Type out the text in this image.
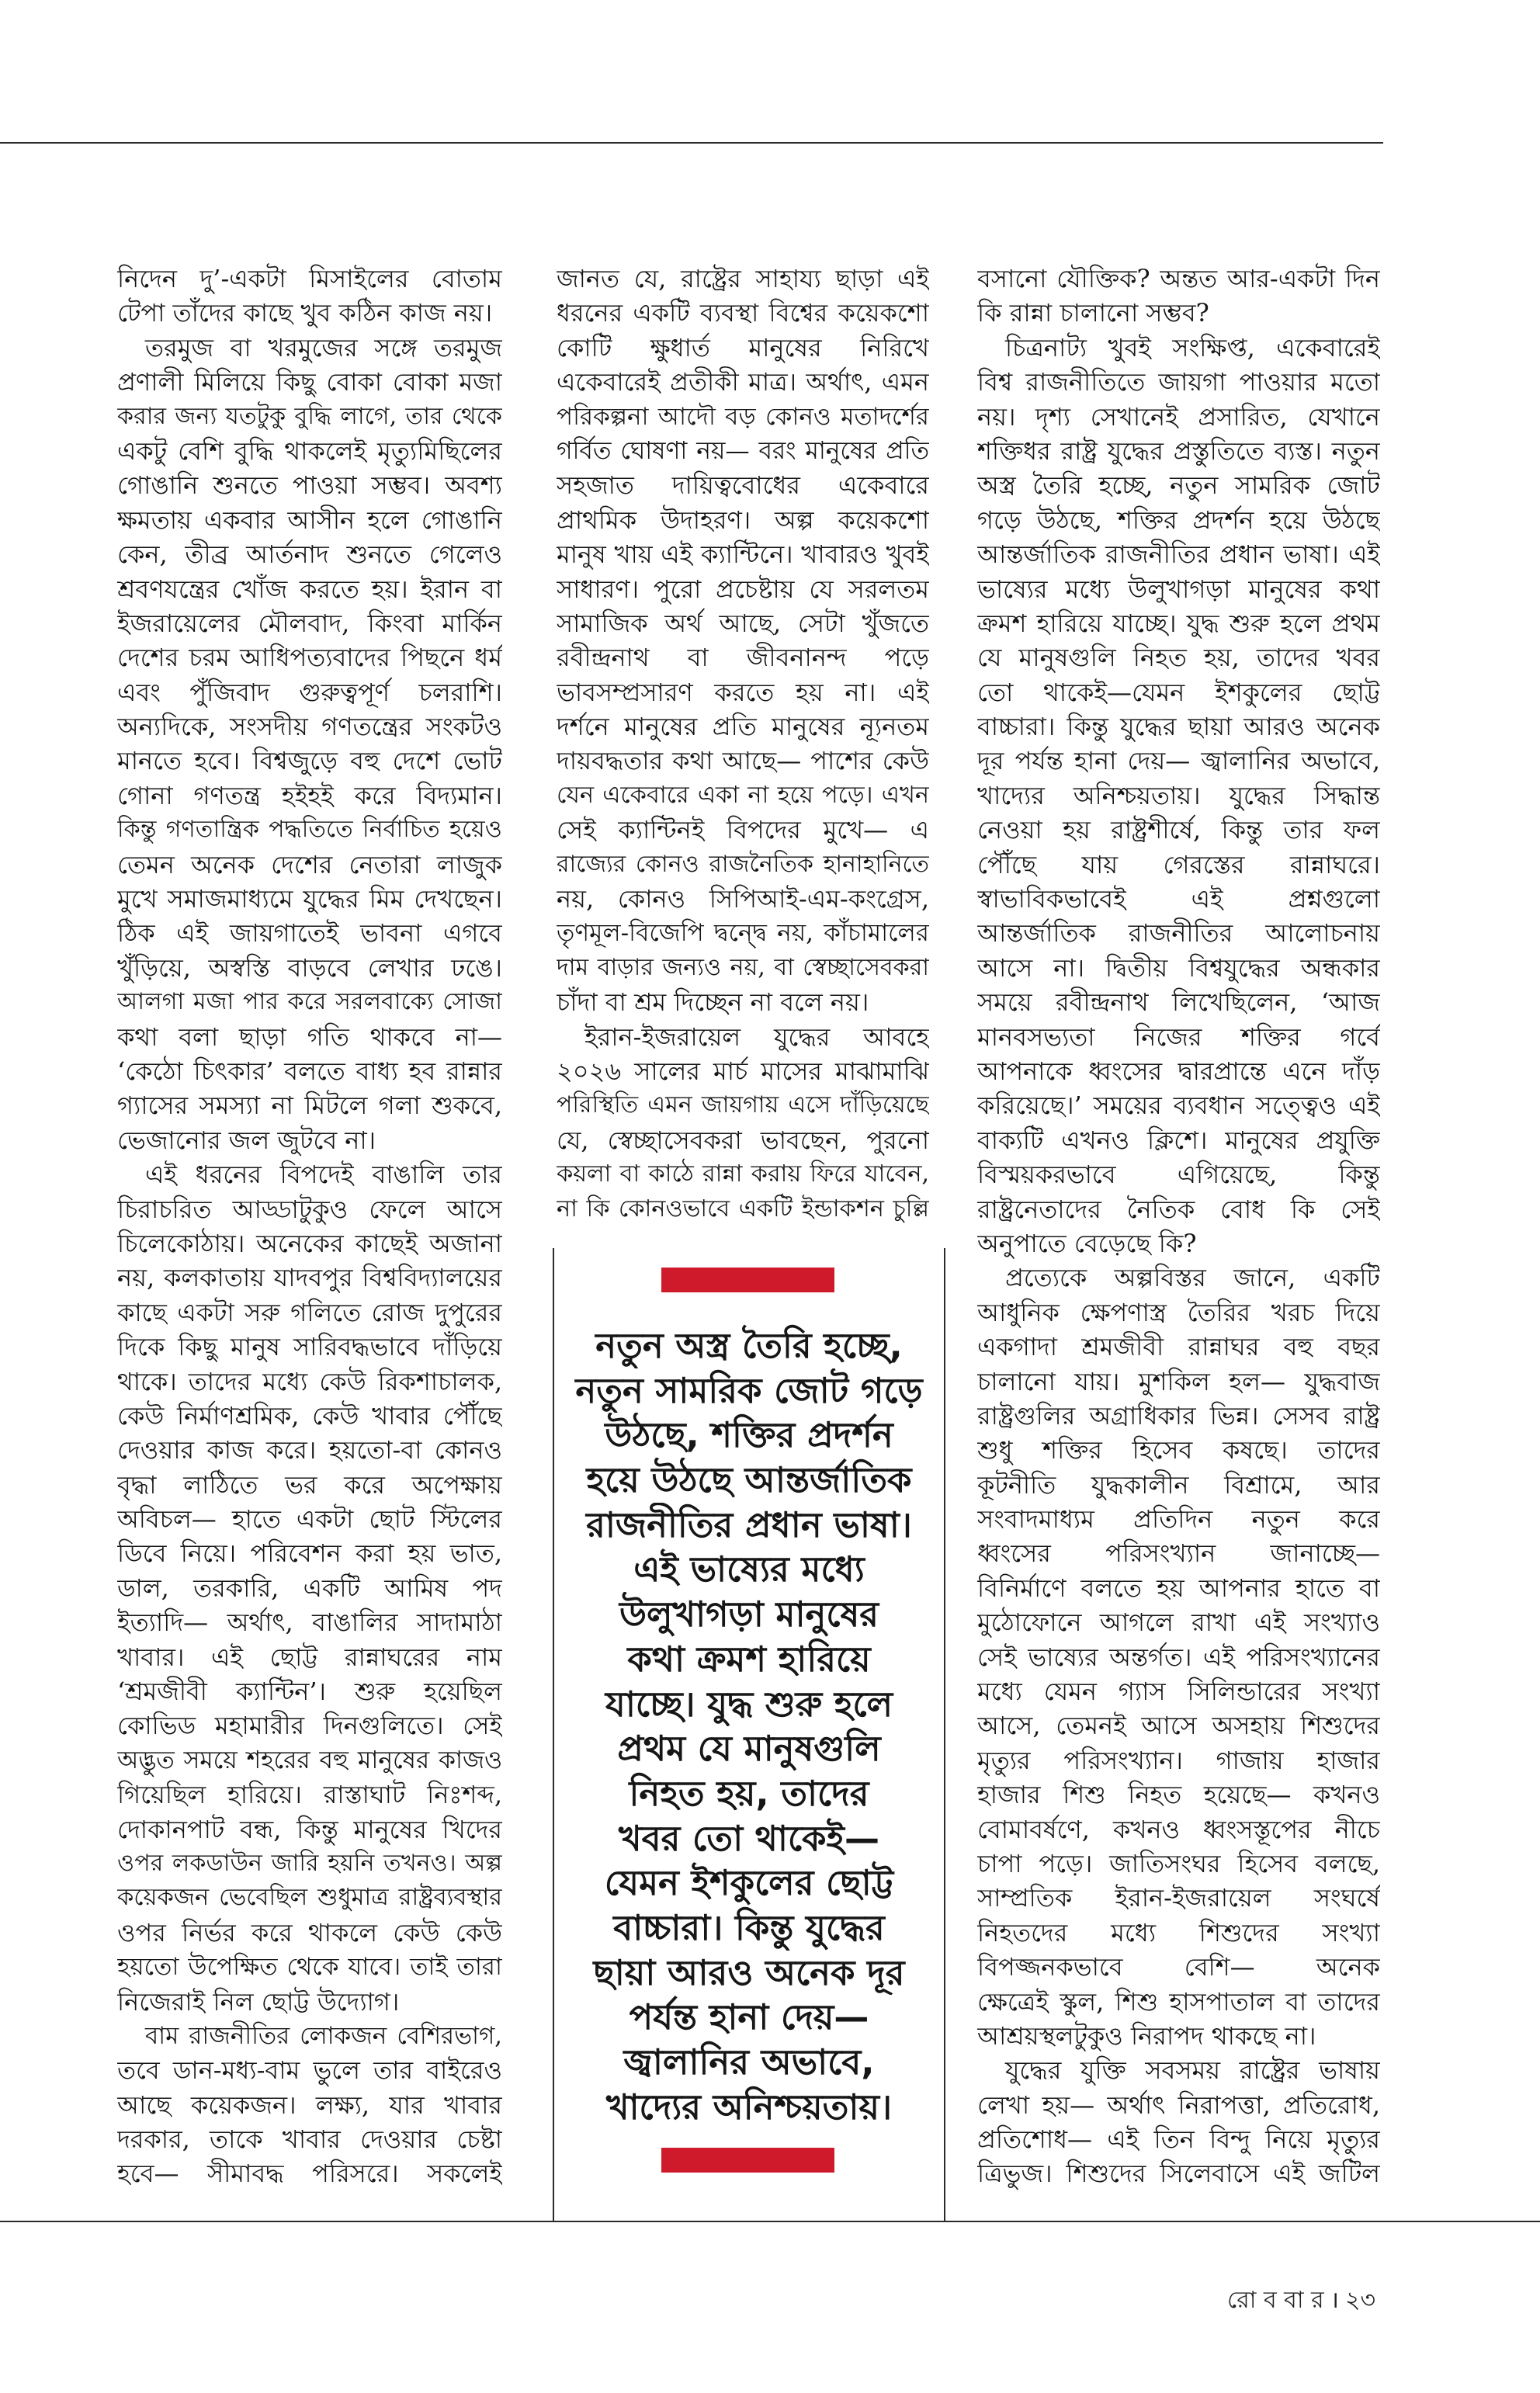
নিদেন দু’-একটা মিসাইলের বোতাম
টেপা তাঁদের কাছে খুব কঠিন কাজ নয়।
তরমুজ বা খরমুজের সঙ্গে তরমুজ
প্রণালী মিলিয়ে কিছু বোকা বোকা মজা
করার জন্য যতটুকু বুদ্ধি লাগে, তার থেকে
একটু বেশি বুদ্ধি থাকলেই মৃত্যুমিছিলের
গোঙানি শুনতে পাওয়া সম্ভব। অবশ্য
ক্ষমতায় একবার আসীন হলে গোঙানি
কেন, তীব্র আর্তনাদ শুনতে গেলেও
শ্রবণযন্ত্রের খোঁজ করতে হয়। ইরান বা
ইজরায়েলের মৌলবাদ, কিংবা মার্কিন
দেশের চরম আধিপত্যবাদের পিছনে ধর্ম
এবং পুঁজিবাদ গুরুত্বপূর্ণ চলরাশি।
অন্যদিকে, সংসদীয় গণতন্ত্রের সংকটও
মানতে হবে। বিশ্বজুড়ে বহু দেশে ভোট
গোনা গণতন্ত্র হইহই করে বিদ্যমান।
কিন্তু গণতান্ত্রিক পদ্ধতিতে নির্বাচিত হয়েও
তেমন অনেক দেশের নেতারা লাজুক
মুখে সমাজমাধ্যমে যুদ্ধের মিম দেখছেন।
ঠিক এই জায়গাতেই ভাবনা এগবে
খুঁড়িয়ে, অস্বস্তি বাড়বে লেখার ঢঙে।
আলগা মজা পার করে সরলবাক্যে সোজা
কথা বলা ছাড়া গতি থাকবে না—
‘কেঠো চিৎকার’ বলতে বাধ্য হব রান্নার
গ্যাসের সমস্যা না মিটলে গলা শুকবে,
ভেজানোর জল জুটবে না।
এই ধরনের বিপদেই বাঙালি তার
চিরাচরিত আড্ডাটুকুও ফেলে আসে
চিলেকোঠায়। অনেকের কাছেই অজানা
নয়, কলকাতায় যাদবপুর বিশ্ববিদ্যালয়ের
কাছে একটা সরু গলিতে রোজ দুপুরের
দিকে কিছু মানুষ সারিবদ্ধভাবে দাঁড়িয়ে
থাকে। তাদের মধ্যে কেউ রিকশাচালক,
কেউ নির্মাণশ্রমিক, কেউ খাবার পৌঁছে
দেওয়ার কাজ করে। হয়তো-বা কোনও
বৃদ্ধা লাঠিতে ভর করে অপেক্ষায়
অবিচল— হাতে একটা ছোট স্টিলের
ডিবে নিয়ে। পরিবেশন করা হয় ভাত,
ডাল, তরকারি, একটি আমিষ পদ
ইত্যাদি— অর্থাৎ, বাঙালির সাদামাঠা
খাবার। এই ছোট্ট রান্নাঘরের নাম
‘শ্রমজীবী ক্যান্টিন’। শুরু হয়েছিল
কোভিড মহামারীর দিনগুলিতে। সেই
অদ্ভুত সময়ে শহরের বহু মানুষের কাজও
গিয়েছিল হারিয়ে। রাস্তাঘাট নিঃশব্দ,
দোকানপাট বন্ধ, কিন্তু মানুষের খিদের
ওপর লকডাউন জারি হয়নি তখনও। অল্প
কয়েকজন ভেবেছিল শুধুমাত্র রাষ্ট্রব্যবস্থার
ওপর নির্ভর করে থাকলে কেউ কেউ
হয়তো উপেক্ষিত থেকে যাবে। তাই তারা
নিজেরাই নিল ছোট্ট উদ্যোগ।
বাম রাজনীতির লোকজন বেশিরভাগ,
তবে ডান-মধ্য-বাম ভুলে তার বাইরেও
আছে কয়েকজন। লক্ষ্য, যার খাবার
দরকার, তাকে খাবার দেওয়ার চেষ্টা
হবে— সীমাবদ্ধ পরিসরে। সকলেই
জানত যে, রাষ্ট্রের সাহায্য ছাড়া এই
ধরনের একটি ব্যবস্থা বিশ্বের কয়েকশো
কোটি ক্ষুধার্ত মানুষের নিরিখে
একেবারেই প্রতীকী মাত্র। অর্থাৎ, এমন
পরিকল্পনা আদৌ বড় কোনও মতাদর্শের
গর্বিত ঘোষণা নয়— বরং মানুষের প্রতি
সহজাত দায়িত্ববোধের একেবারে
প্রাথমিক উদাহরণ। অল্প কয়েকশো
মানুষ খায় এই ক্যান্টিনে। খাবারও খুবই
সাধারণ। পুরো প্রচেষ্টায় যে সরলতম
সামাজিক অর্থ আছে, সেটা খুঁজতে
রবীন্দ্রনাথ বা জীবনানন্দ পড়ে
ভাবসম্প্রসারণ করতে হয় না। এই
দর্শনে মানুষের প্রতি মানুষের ন্যূনতম
দায়বদ্ধতার কথা আছে— পাশের কেউ
যেন একেবারে একা না হয়ে পড়ে। এখন
সেই ক্যান্টিনই বিপদের মুখে— এ
রাজ্যের কোনও রাজনৈতিক হানাহানিতে
নয়, কোনও সিপিআই-এম-কংগ্রেস,
তৃণমূল-বিজেপি দ্বন্দ্বে নয়, কাঁচামালের
দাম বাড়ার জন্যও নয়, বা স্বেচ্ছাসেবকরা
চাঁদা বা শ্রম দিচ্ছেন না বলে নয়।
ইরান-ইজরায়েল যুদ্ধের আবহে
২০২৬ সালের মার্চ মাসের মাঝামাঝি
পরিস্থিতি এমন জায়গায় এসে দাঁড়িয়েছে
যে, স্বেচ্ছাসেবকরা ভাবছেন, পুরনো
কয়লা বা কাঠে রান্না করায় ফিরে যাবেন,
না কি কোনওভাবে একটি ইন্ডাকশন চুল্লি
বসানো যৌক্তিক? অন্তত আর-একটা দিন
কি রান্না চালানো সম্ভব?
চিত্রনাট্য খুবই সংক্ষিপ্ত, একেবারেই
বিশ্ব রাজনীতিতে জায়গা পাওয়ার মতো
নয়। দৃশ্য সেখানেই প্রসারিত, যেখানে
শক্তিধর রাষ্ট্র যুদ্ধের প্রস্তুতিতে ব্যস্ত। নতুন
অস্ত্র তৈরি হচ্ছে, নতুন সামরিক জোট
গড়ে উঠছে, শক্তির প্রদর্শন হয়ে উঠছে
আন্তর্জাতিক রাজনীতির প্রধান ভাষা। এই
ভাষ্যের মধ্যে উলুখাগড়া মানুষের কথা
ক্রমশ হারিয়ে যাচ্ছে। যুদ্ধ শুরু হলে প্রথম
যে মানুষগুলি নিহত হয়, তাদের খবর
তো থাকেই—যেমন ইশকুলের ছোট্ট
বাচ্চারা। কিন্তু যুদ্ধের ছায়া আরও অনেক
দূর পর্যন্ত হানা দেয়— জ্বালানির অভাবে,
খাদ্যের অনিশ্চয়তায়। যুদ্ধের সিদ্ধান্ত
নেওয়া হয় রাষ্ট্রশীর্ষে, কিন্তু তার ফল
পৌঁছে যায় গেরস্তের রান্নাঘরে।
স্বাভাবিকভাবেই এই প্রশ্নগুলো
আন্তর্জাতিক রাজনীতির আলোচনায়
আসে না। দ্বিতীয় বিশ্বযুদ্ধের অন্ধকার
সময়ে রবীন্দ্রনাথ লিখেছিলেন, ‘আজ
মানবসভ্যতা নিজের শক্তির গর্বে
আপনাকে ধ্বংসের দ্বারপ্রান্তে এনে দাঁড়
করিয়েছে।’ সময়ের ব্যবধান সত্ত্বেও এই
বাক্যটি এখনও ক্লিশে। মানুষের প্রযুক্তি
বিস্ময়করভাবে এগিয়েছে, কিন্তু
রাষ্ট্রনেতাদের নৈতিক বোধ কি সেই
অনুপাতে বেড়েছে কি?
প্রত্যেকে অল্পবিস্তর জানে, একটি
আধুনিক ক্ষেপণাস্ত্র তৈরির খরচ দিয়ে
একগাদা শ্রমজীবী রান্নাঘর বহু বছর
চালানো যায়। মুশকিল হল— যুদ্ধবাজ
রাষ্ট্রগুলির অগ্রাধিকার ভিন্ন। সেসব রাষ্ট্র
শুধু শক্তির হিসেব কষছে। তাদের
কূটনীতি যুদ্ধকালীন বিশ্রামে, আর
সংবাদমাধ্যম প্রতিদিন নতুন করে
ধ্বংসের পরিসংখ্যান জানাচ্ছে—
বিনির্মাণে বলতে হয় আপনার হাতে বা
মুঠোফোনে আগলে রাখা এই সংখ্যাও
সেই ভাষ্যের অন্তর্গত। এই পরিসংখ্যানের
মধ্যে যেমন গ্যাস সিলিন্ডারের সংখ্যা
আসে, তেমনই আসে অসহায় শিশুদের
মৃত্যুর পরিসংখ্যান। গাজায় হাজার
হাজার শিশু নিহত হয়েছে— কখনও
বোমাবর্ষণে, কখনও ধ্বংসস্তূপের নীচে
চাপা পড়ে। জাতিসংঘর হিসেব বলছে,
সাম্প্রতিক ইরান-ইজরায়েল সংঘর্ষে
নিহতদের মধ্যে শিশুদের সংখ্যা
বিপজ্জনকভাবে বেশি— অনেক
ক্ষেত্রেই স্কুল, শিশু হাসপাতাল বা তাদের
আশ্রয়স্থলটুকুও নিরাপদ থাকছে না।
যুদ্ধের যুক্তি সবসময় রাষ্ট্রের ভাষায়
লেখা হয়— অর্থাৎ নিরাপত্তা, প্রতিরোধ,
প্রতিশোধ— এই তিন বিন্দু নিয়ে মৃত্যুর
ত্রিভুজ। শিশুদের সিলেবাসে এই জটিল
নতুন অস্ত্র তৈরি হচ্ছে,
নতুন সামরিক জোট গড়ে
উঠছে, শক্তির প্রদর্শন
হয়ে উঠছে আন্তর্জাতিক
রাজনীতির প্রধান ভাষা।
এই ভাষ্যের মধ্যে
উলুখাগড়া মানুষের
কথা ক্রমশ হারিয়ে
যাচ্ছে। যুদ্ধ শুরু হলে
প্রথম যে মানুষগুলি
নিহত হয়, তাদের
খবর তো থাকেই—
যেমন ইশকুলের ছোট্ট
বাচ্চারা। কিন্তু যুদ্ধের
ছায়া আরও অনেক দূর
পর্যন্ত হানা দেয়—
জ্বালানির অভাবে,
খাদ্যের অনিশ্চয়তায়।
রো ব বা র । ২৩
